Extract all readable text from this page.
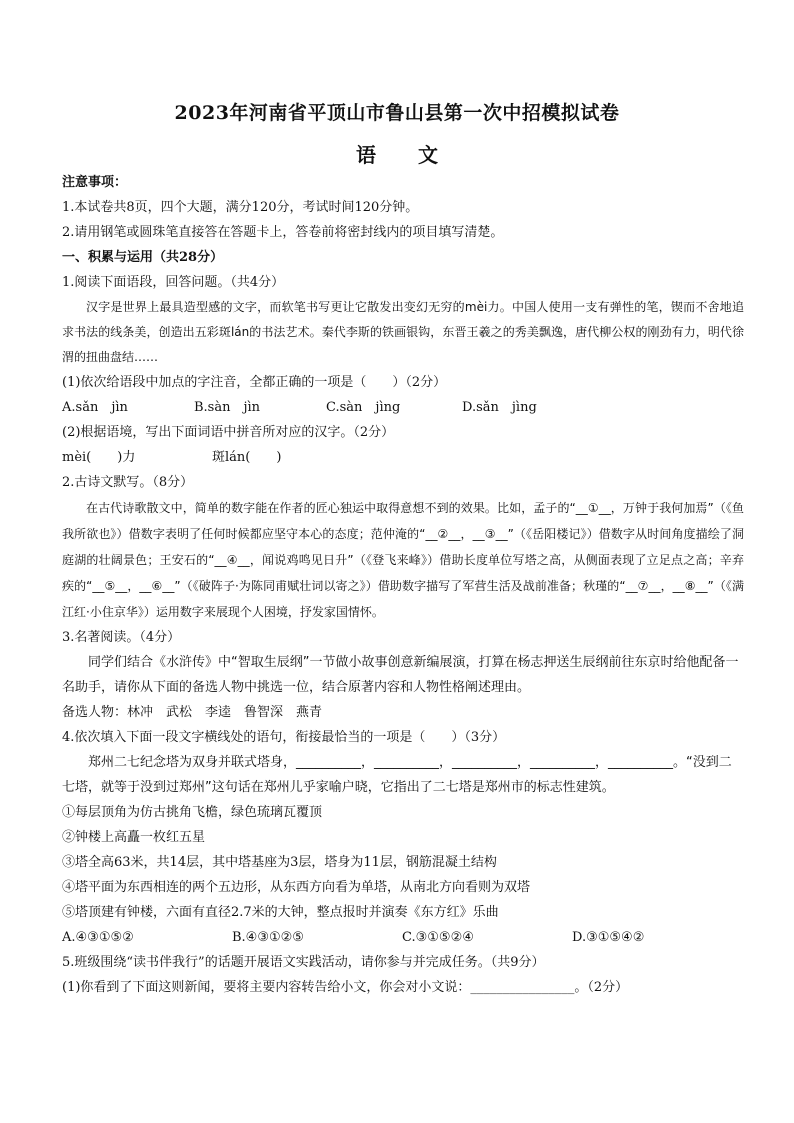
2023年河南省平顶山市鲁山县第一次中招模拟试卷
语文
注意事项：
1.本试卷共8页，四个大题，满分120分，考试时间120分钟。
2.请用钢笔或圆珠笔直接答在答题卡上，答卷前将密封线内的项目填写清楚。
一、积累与运用（共28分）
1.阅读下面语段，回答问题。（共4分）
汉字是世界上最具造型感的文字，而软笔书写更让它散发出变幻无穷的mèi力。中国人使用一支有弹性的笔，锲而不舍地追求书法的线条美，创造出五彩斑lán的书法艺术。秦代李斯的铁画银钩，东晋王羲之的秀美飘逸，唐代柳公权的刚劲有力，明代徐渭的扭曲盘结……
(1)依次给语段中加点的字注音，全都正确的一项是（　　）（2分）
A.sǎn　jìn	B.sàn　jìn	C.sàn　jìng	D.sǎn　jìng
(2)根据语境，写出下面词语中拼音所对应的汉字。（2分）
mèi(　　)力	斑lán(　　)
2.古诗文默写。（8分）
在古代诗歌散文中，简单的数字能在作者的匠心独运中取得意想不到的效果。比如，孟子的“__①__，万钟于我何加焉”（《鱼我所欲也》）借数字表明了任何时候都应坚守本心的态度；范仲淹的“__②__，__③__”（《岳阳楼记》）借数字从时间角度描绘了洞庭湖的壮阔景色；王安石的“__④__，闻说鸡鸣见日升”（《登飞来峰》）借助长度单位写塔之高，从侧面表现了立足点之高；辛弃疾的“__⑤__，__⑥__”（《破阵子·为陈同甫赋壮词以寄之》）借助数字描写了军营生活及战前准备；秋瑾的“__⑦__，__⑧__”（《满江红·小住京华》）运用数字来展现个人困境，抒发家国情怀。
3.名著阅读。（4分）
同学们结合《水浒传》中“智取生辰纲”一节做小故事创意新编展演，打算在杨志押送生辰纲前往东京时给他配备一名助手，请你从下面的备选人物中挑选一位，结合原著内容和人物性格阐述理由。
备选人物：林冲　武松　李逵　鲁智深　燕青
4.依次填入下面一段文字横线处的语句，衔接最恰当的一项是（　　）（3分）
郑州二七纪念塔为双身并联式塔身，__________，__________，__________，__________，__________。“没到二七塔，就等于没到过郑州”这句话在郑州儿乎家喻户晓，它指出了二七塔是郑州市的标志性建筑。
①每层顶角为仿古挑角飞檐，绿色琉璃瓦覆顶
②钟楼上高矗一枚红五星
③塔全高63米，共14层，其中塔基座为3层，塔身为11层，钢筋混凝土结构
④塔平面为东西相连的两个五边形，从东西方向看为单塔，从南北方向看则为双塔
⑤塔顶建有钟楼，六面有直径2.7米的大钟，整点报时并演奏《东方红》乐曲
A.④③①⑤②	B.④③①②⑤	C.③①⑤②④	D.③①⑤④②
5.班级围绕“读书伴我行”的话题开展语文实践活动，请你参与并完成任务。（共9分）
(1)你看到了下面这则新闻，要将主要内容转告给小文，你会对小文说：________________。（2分）
